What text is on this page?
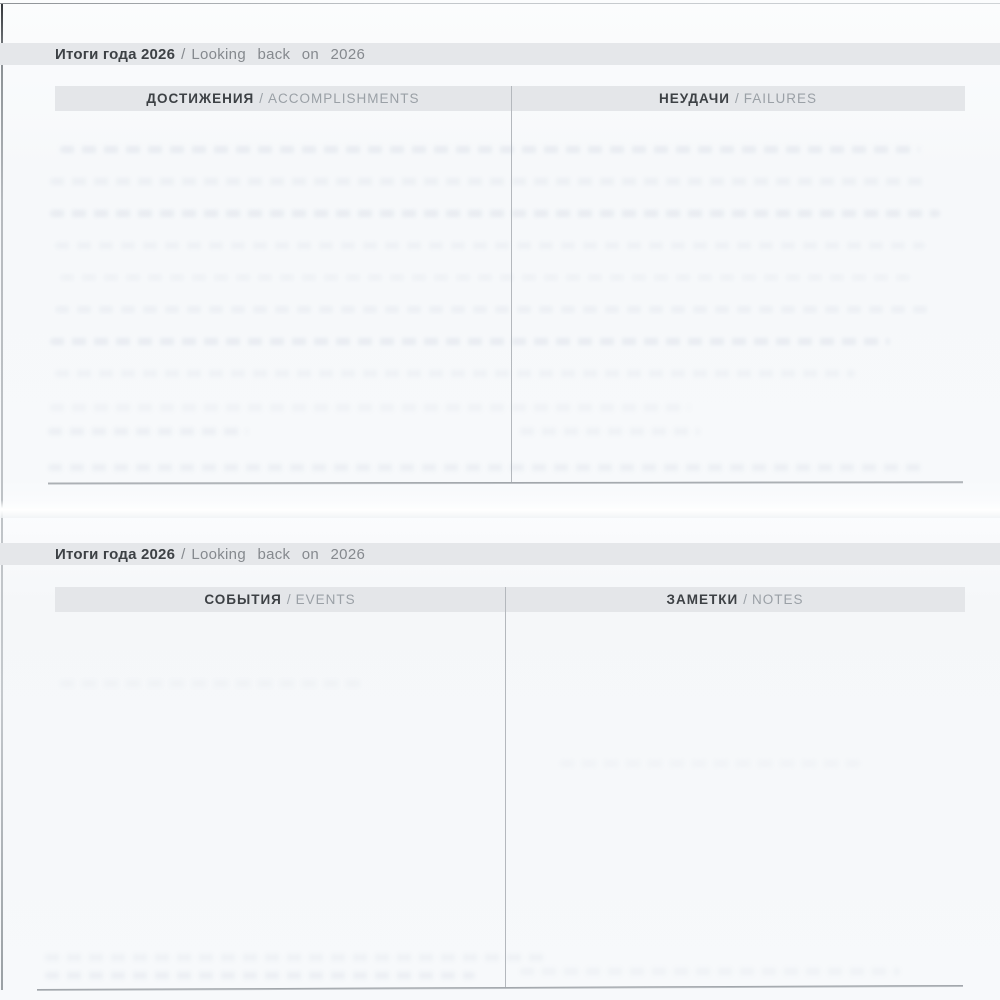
Итоги года 2026 / Looking back on 2026
ДОСТИЖЕНИЯ / ACCOMPLISHMENTS	НЕУДАЧИ / FAILURES
Итоги года 2026 / Looking back on 2026
СОБЫТИЯ / EVENTS	ЗАМЕТКИ / NOTES
